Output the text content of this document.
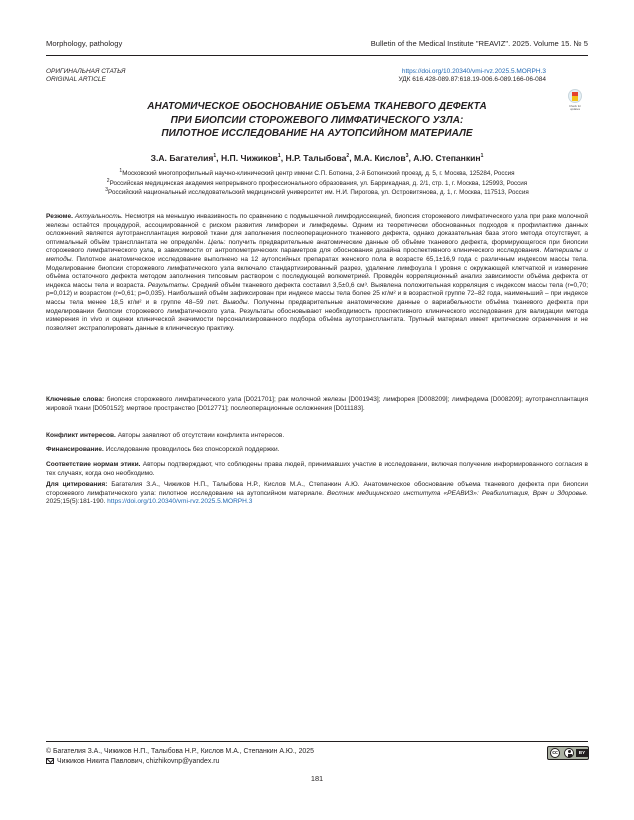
Morphology, pathology	Bulletin of the Medical Institute "REAVIZ". 2025. Volume 15. № 5
ОРИГИНАЛЬНАЯ СТАТЬЯ
ORIGINAL ARTICLE
https://doi.org/10.20340/vmi-rvz.2025.5.MORPH.3
УДК 616.428-089.87:618.19-006.6-089.166-06-084
Check for updates
АНАТОМИЧЕСКОЕ ОБОСНОВАНИЕ ОБЪЕМА ТКАНЕВОГО ДЕФЕКТА
ПРИ БИОПСИИ СТОРОЖЕВОГО ЛИМФАТИЧЕСКОГО УЗЛА:
ПИЛОТНОЕ ИССЛЕДОВАНИЕ НА АУТОПСИЙНОМ МАТЕРИАЛЕ
З.А. Багателия$^1$, Н.П. Чижиков$^1$, Н.Р. Талыбова$^2$, М.А. Кислов$^3$, А.Ю. Степанкин$^1$
$^1$Московский многопрофильный научно-клинический центр имени С.П. Боткина, 2-й Боткинский проезд, д. 5, г. Москва, 125284, Россия
$^2$Российская медицинская академия непрерывного профессионального образования, ул. Баррикадная, д. 2/1, стр. 1, г. Москва, 125993, Россия
$^3$Российский национальный исследовательский медицинский университет им. Н.И. Пирогова, ул. Островитянова, д. 1, г. Москва, 117513, Россия
Резюме. Актуальность. Несмотря на меньшую инвазивность по сравнению с подмышечной лимфодиссекцией, биопсия сторожевого лимфатического узла при раке молочной железы остаётся процедурой, ассоциированной с риском развития лимфореи и лимфедемы. Одним из теоретически обоснованных подходов к профилактике данных осложнений является аутотрансплантация жировой ткани для заполнения послеоперационного тканевого дефекта, однако доказательная база этого метода отсутствует, а оптимальный объём трансплантата не определён. Цель: получить предварительные анатомические данные об объёме тканевого дефекта, формирующегося при биопсии сторожевого лимфатического узла, в зависимости от антропометрических параметров для обоснования дизайна проспективного клинического исследования. Материалы и методы. Пилотное анатомическое исследование выполнено на 12 аутопсийных препаратах женского пола в возрасте 65,1±16,9 года с различным индексом массы тела. Моделирование биопсии сторожевого лимфатического узла включало стандартизированный разрез, удаление лимфоузла I уровня с окружающей клетчаткой и измерение объёма остаточного дефекта методом заполнения типсовым раствором с последующей волюметрией. Проведён корреляционный анализ зависимости объёма дефекта от индекса массы тела и возраста. Результаты. Средний объём тканевого дефекта составил 3,5±0,6 см³. Выявлена положительная корреляция с индексом массы тела (r=0,70; p=0,012) и возрастом (r=0,61; p=0,035). Наибольший объём зафиксирован при индексе массы тела более 25 кг/м² и в возрастной группе 72–82 года, наименьший – при индексе массы тела менее 18,5 кг/м² и в группе 48–59 лет. Выводы. Получены предварительные анатомические данные о вариабельности объёма тканевого дефекта при моделировании биопсии сторожевого лимфатического узла. Результаты обосновывают необходимость проспективного клинического исследования для валидации метода измерения in vivo и оценки клинической значимости персонализированного подбора объёма аутотрансплантата. Трупный материал имеет критические ограничения и не позволяет экстраполировать данные в клиническую практику.
Ключевые слова: биопсия сторожевого лимфатического узла [D021701]; рак молочной железы [D001943]; лимфорея [D008209]; лимфедема [D008209]; аутотрансплантация жировой ткани [D050152]; мертвое пространство [D012771]; послеоперационные осложнения [D011183].
Конфликт интересов. Авторы заявляют об отсутствии конфликта интересов.
Финансирование. Исследование проводилось без спонсорской поддержки.
Соответствие нормам этики. Авторы подтверждают, что соблюдены права людей, принимавших участие в исследовании, включая получение информированного согласия в тех случаях, когда оно необходимо.
Для цитирования: Багателия З.А., Чижиков Н.П., Талыбова Н.Р., Кислов М.А., Степанкин А.Ю. Анатомическое обоснование объема тканевого дефекта при биопсии сторожевого лимфатического узла: пилотное исследование на аутопсийном материале. Вестник медицинского института «РЕАВИЗ»: Реабилитация, Врач и Здоровье. 2025;15(5):181-190. https://doi.org/10.20340/vmi-rvz.2025.5.MORPH.3
© Багателия З.А., Чижиков Н.П., Талыбова Н.Р., Кислов М.А., Степанкин А.Ю., 2025
Чижиков Никита Павлович, chizhikovnp@yandex.ru
cc	BY
181
